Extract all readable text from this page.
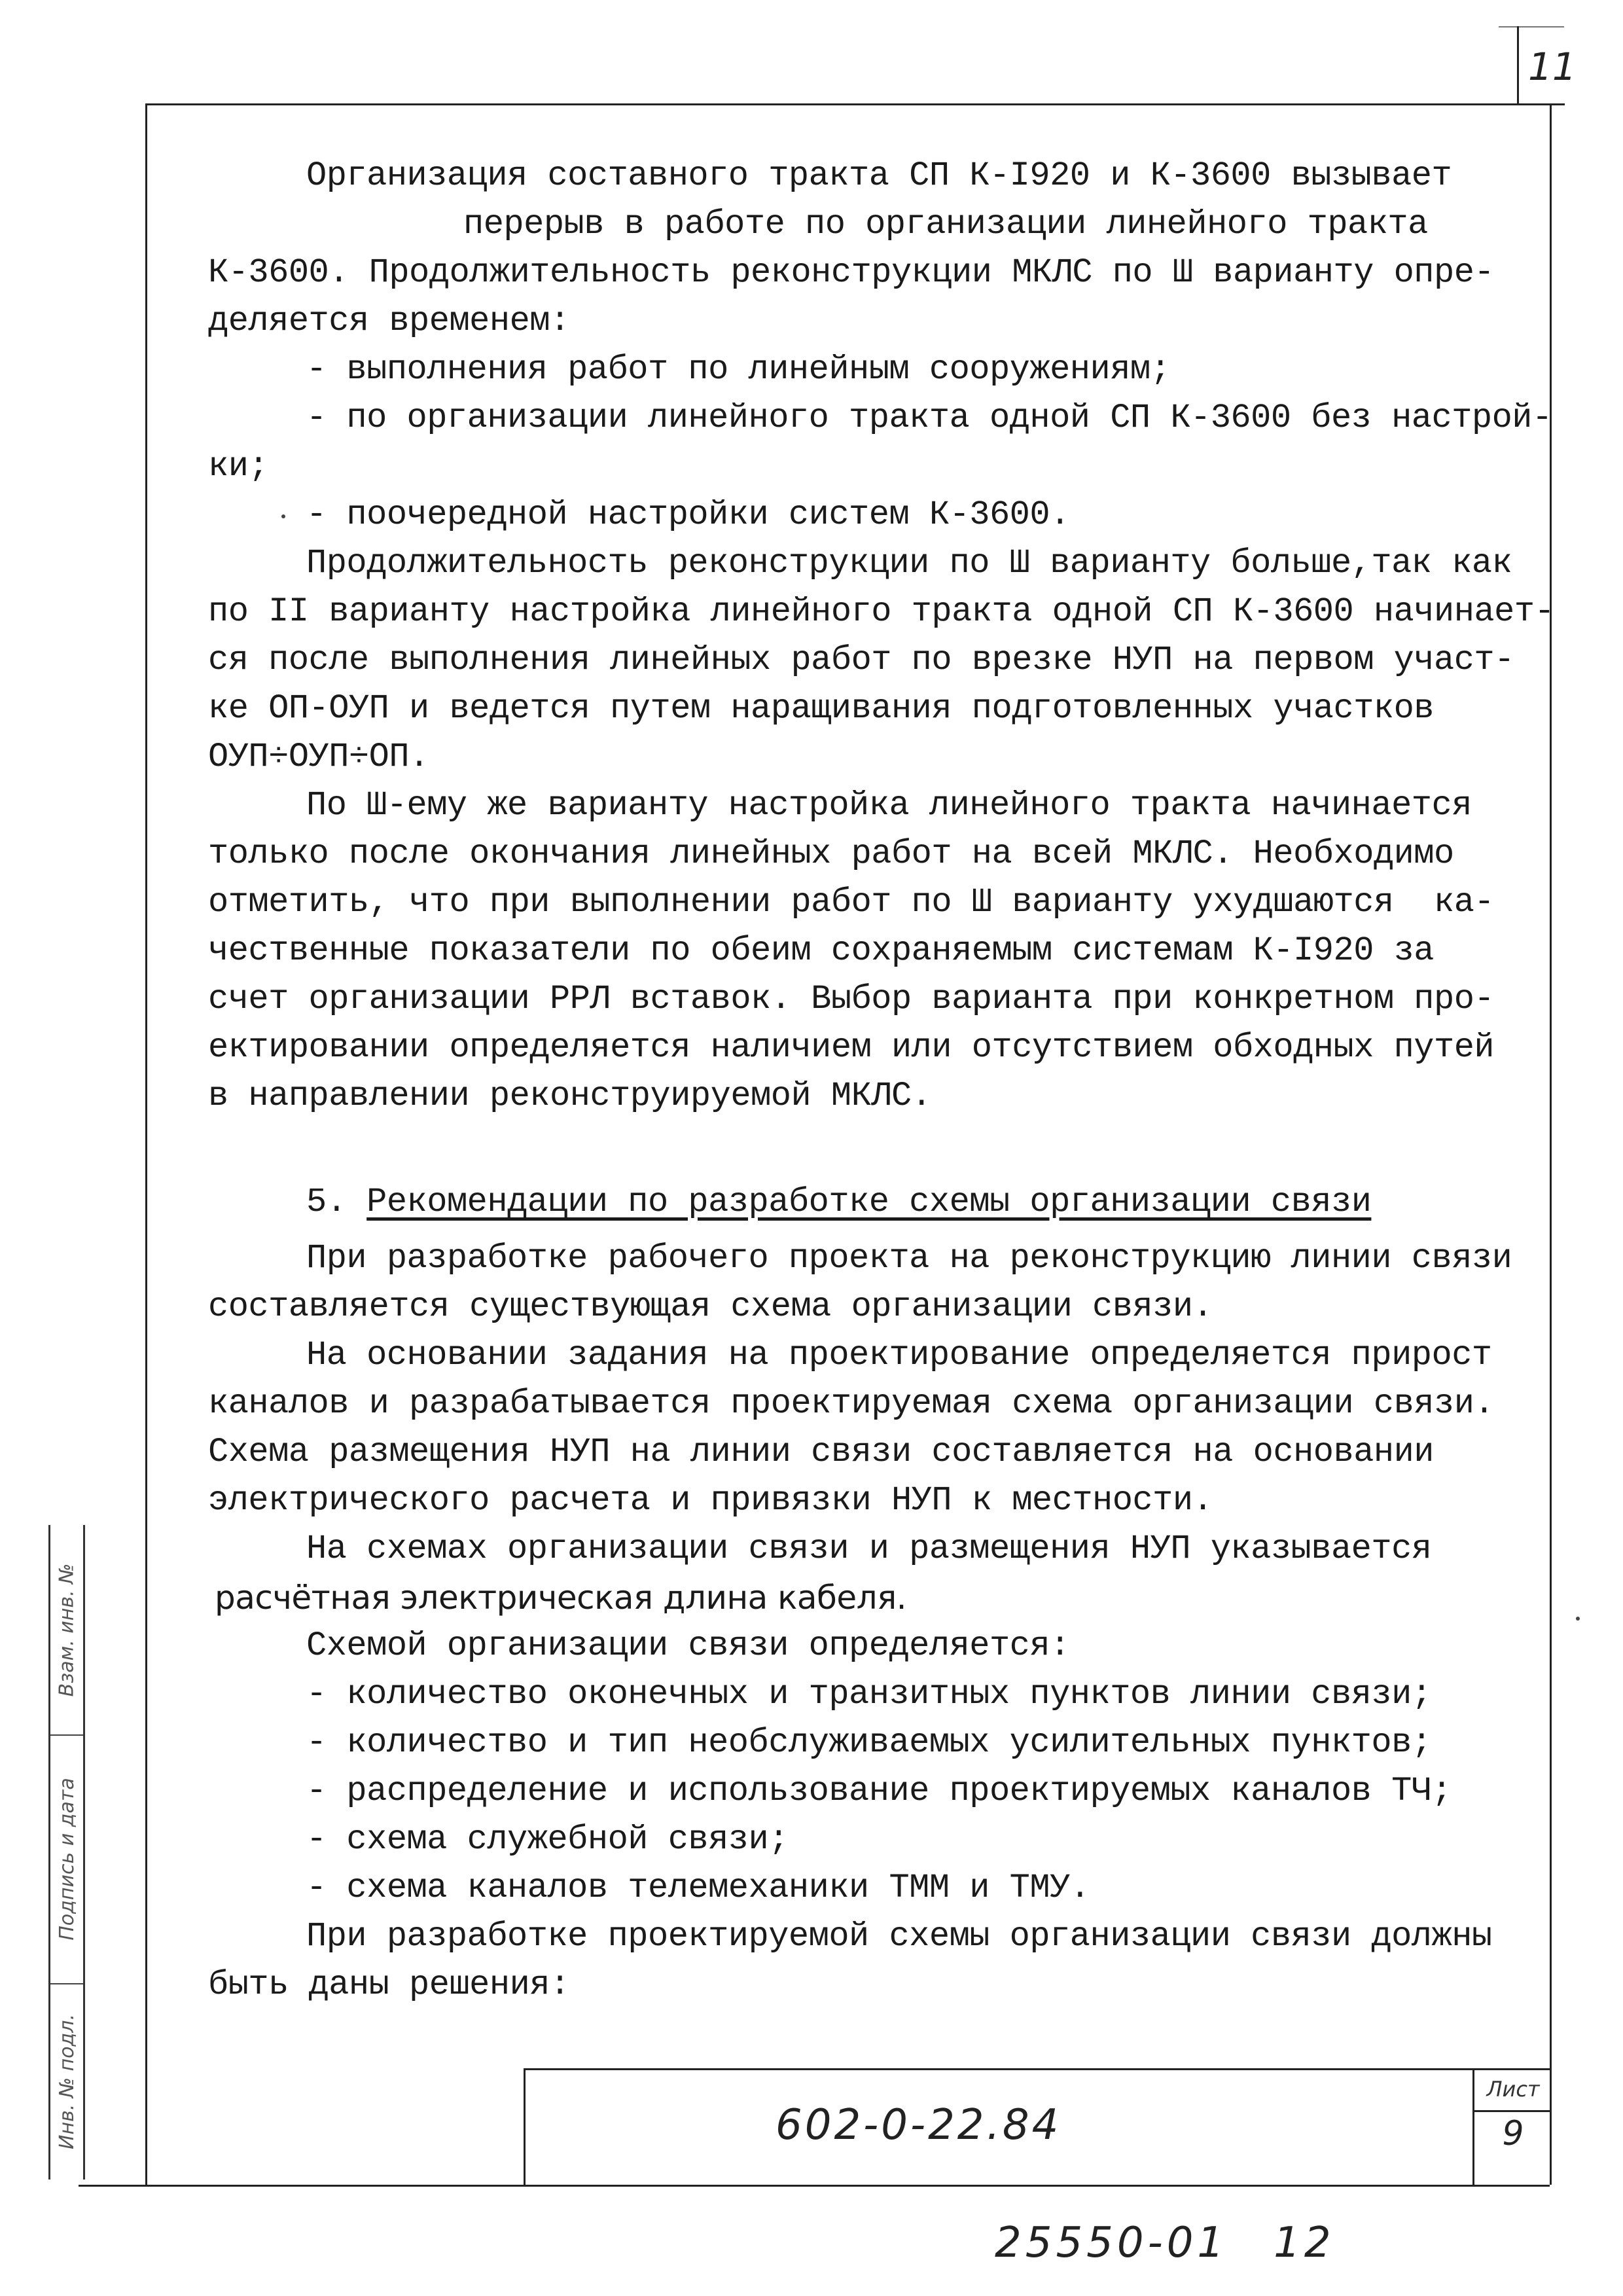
11
Организация составного тракта СП К-I920 и К-3600 вызывает
перерыв в работе по организации линейного тракта
К-3600. Продолжительность реконструкции МКЛС по Ш варианту опре-
деляется временем:
- выполнения работ по линейным сооружениям;
- по организации линейного тракта одной СП К-3600 без настрой-
ки;
- поочередной настройки систем К-3600.
Продолжительность реконструкции по Ш варианту больше,так как
по II варианту настройка линейного тракта одной СП К-3600 начинает-
ся после выполнения линейных работ по врезке НУП на первом участ-
ке ОП-ОУП и ведется путем наращивания подготовленных участков
ОУП÷ОУП÷ОП.
По Ш-ему же варианту настройка линейного тракта начинается
только после окончания линейных работ на всей МКЛС. Необходимо
отметить, что при выполнении работ по Ш варианту ухудшаются  ка-
чественные показатели по обеим сохраняемым системам К-I920 за
счет организации РРЛ вставок. Выбор варианта при конкретном про-
ектировании определяется наличием или отсутствием обходных путей
в направлении реконструируемой МКЛС.
5. Рекомендации по разработке схемы организации связи
При разработке рабочего проекта на реконструкцию линии связи
составляется существующая схема организации связи.
На основании задания на проектирование определяется прирост
каналов и разрабатывается проектируемая схема организации связи.
Схема размещения НУП на линии связи составляется на основании
электрического расчета и привязки НУП к местности.
На схемах организации связи и размещения НУП указывается
расчётная электрическая длина кабеля.
Схемой организации связи определяется:
- количество оконечных и транзитных пунктов линии связи;
- количество и тип необслуживаемых усилительных пунктов;
- распределение и использование проектируемых каналов ТЧ;
- схема служебной связи;
- схема каналов телемеханики ТММ и ТМУ.
При разработке проектируемой схемы организации связи должны
быть даны решения:
Взам. инв. №
Подпись и дата
Инв. № подл.	602-0-22.84
Лист
9
25550-01 12
